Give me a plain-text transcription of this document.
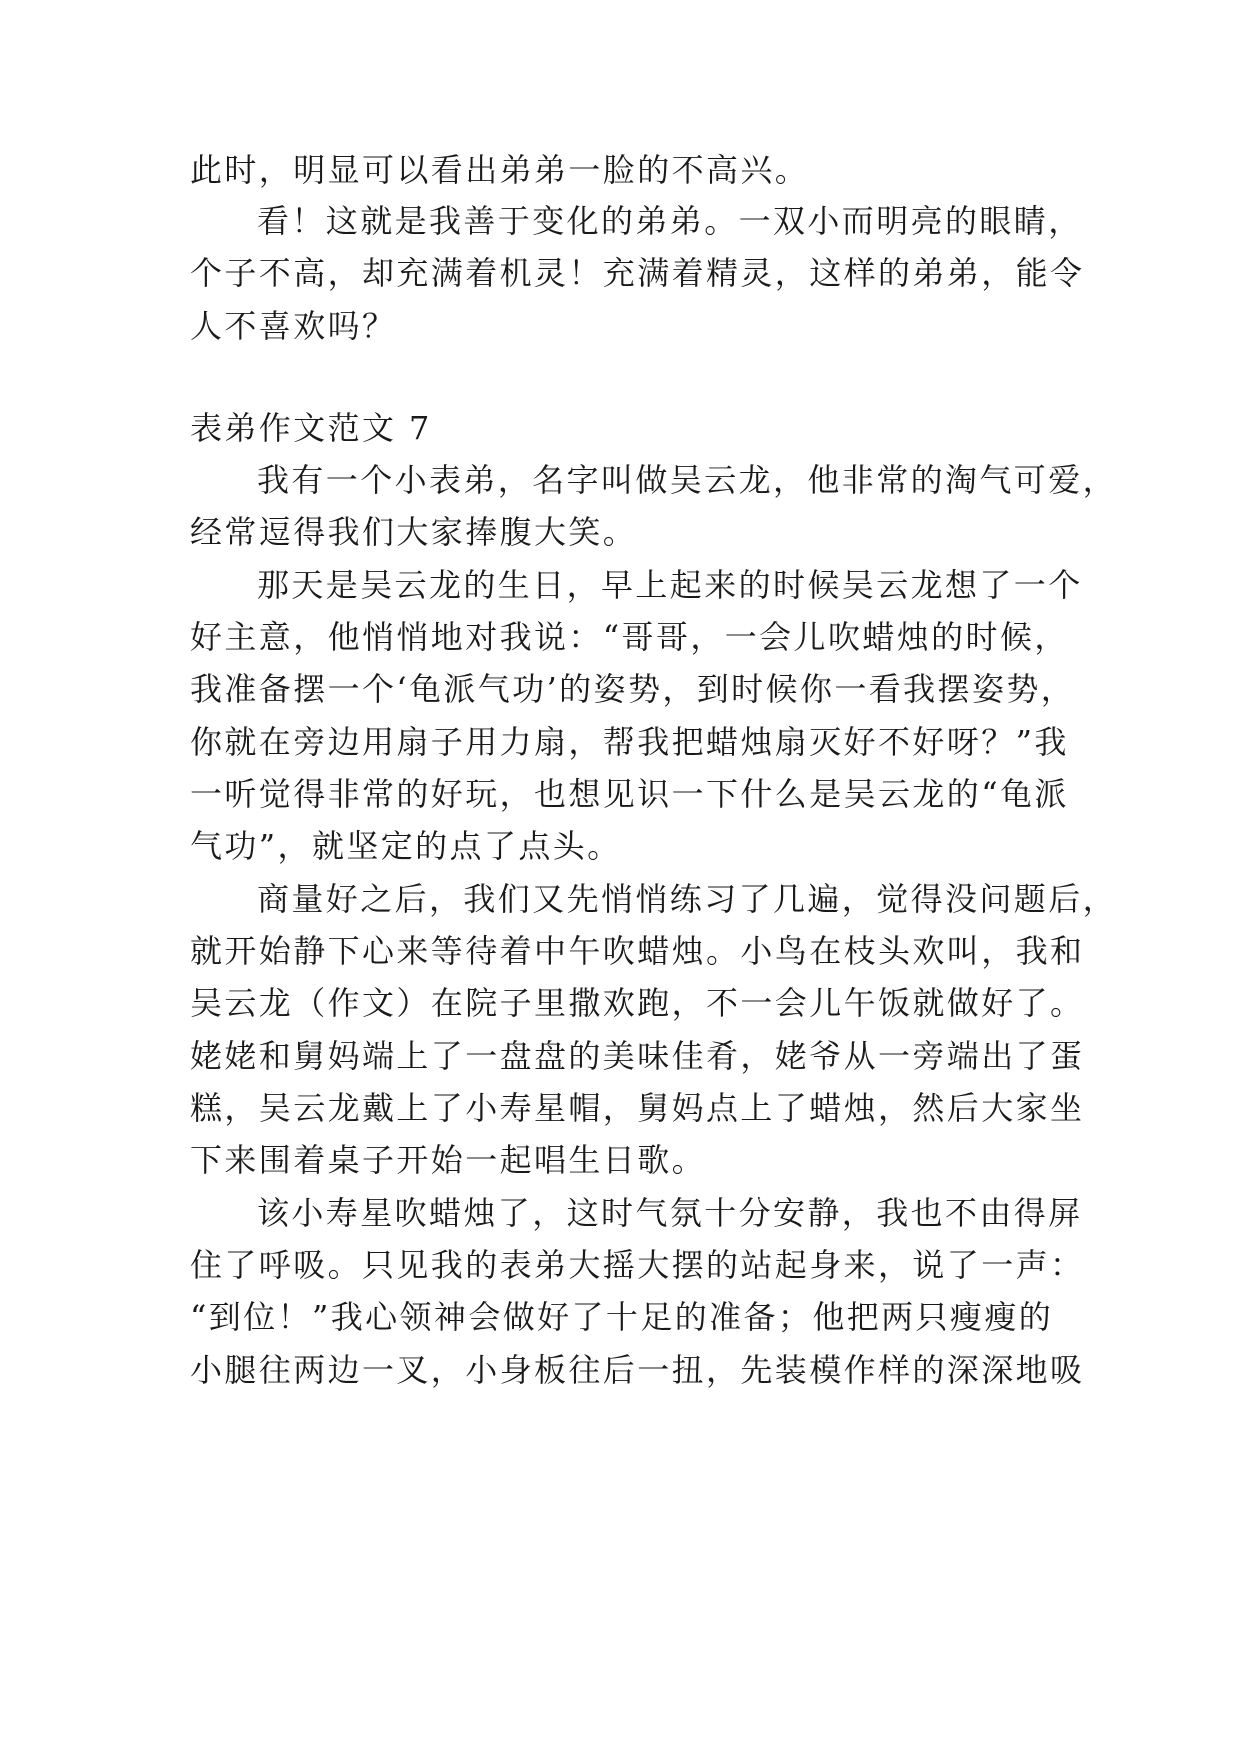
此时，明显可以看出弟弟一脸的不高兴。
看！这就是我善于变化的弟弟。一双小而明亮的眼睛，
个子不高，却充满着机灵！充满着精灵，这样的弟弟，能令
人不喜欢吗？
表弟作文范文 7
我有一个小表弟，名字叫做吴云龙，他非常的淘气可爱，
经常逗得我们大家捧腹大笑。
那天是吴云龙的生日，早上起来的时候吴云龙想了一个
好主意，他悄悄地对我说：“哥哥，一会儿吹蜡烛的时候，
我准备摆一个‘龟派气功’的姿势，到时候你一看我摆姿势，
你就在旁边用扇子用力扇，帮我把蜡烛扇灭好不好呀？”我
一听觉得非常的好玩，也想见识一下什么是吴云龙的“龟派
气功”，就坚定的点了点头。
商量好之后，我们又先悄悄练习了几遍，觉得没问题后，
就开始静下心来等待着中午吹蜡烛。小鸟在枝头欢叫，我和
吴云龙（作文）在院子里撒欢跑，不一会儿午饭就做好了。
姥姥和舅妈端上了一盘盘的美味佳肴，姥爷从一旁端出了蛋
糕，吴云龙戴上了小寿星帽，舅妈点上了蜡烛，然后大家坐
下来围着桌子开始一起唱生日歌。
该小寿星吹蜡烛了，这时气氛十分安静，我也不由得屏
住了呼吸。只见我的表弟大摇大摆的站起身来，说了一声：
“到位！”我心领神会做好了十足的准备；他把两只瘦瘦的
小腿往两边一叉，小身板往后一扭，先装模作样的深深地吸
